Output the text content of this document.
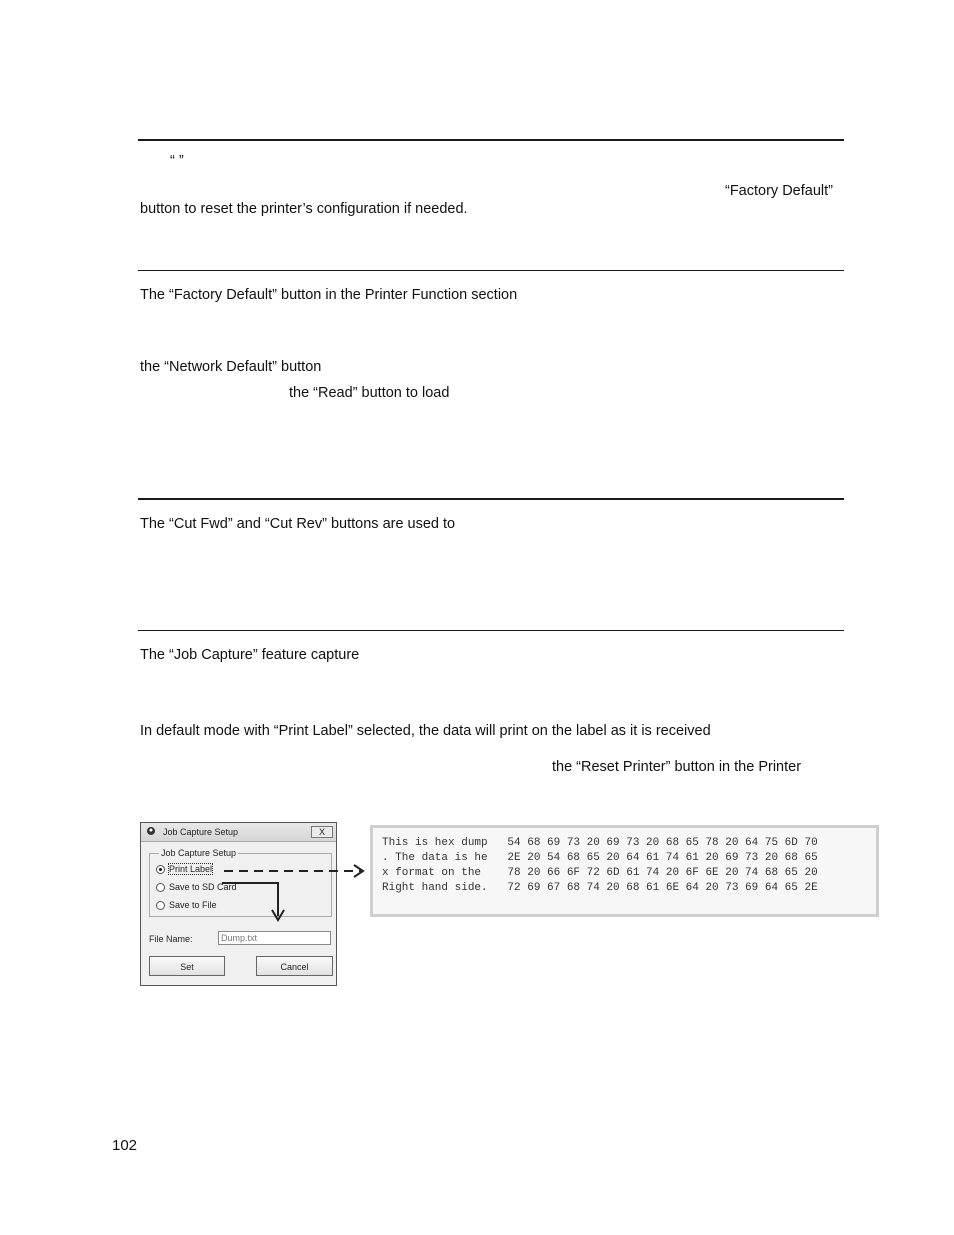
“ ”
“Factory Default”
button to reset the printer’s configuration if needed.
The “Factory Default” button in the Printer Function section
the “Network Default” button
the “Read” button to load
The “Cut Fwd” and “Cut Rev” buttons are used to
The “Job Capture” feature capture
In default mode with “Print Label” selected, the data will print on the label as it is received
the “Reset Printer” button in the Printer
● Job Capture Setup	X
Job Capture Setup
Print Label
Save to SD Card
Save to File
File Name:	Dump.txt
Set	Cancel
This is hex dump   54 68 69 73 20 69 73 20 68 65 78 20 64 75 6D 70
. The data is he   2E 20 54 68 65 20 64 61 74 61 20 69 73 20 68 65
x format on the    78 20 66 6F 72 6D 61 74 20 6F 6E 20 74 68 65 20
Right hand side.   72 69 67 68 74 20 68 61 6E 64 20 73 69 64 65 2E
102
